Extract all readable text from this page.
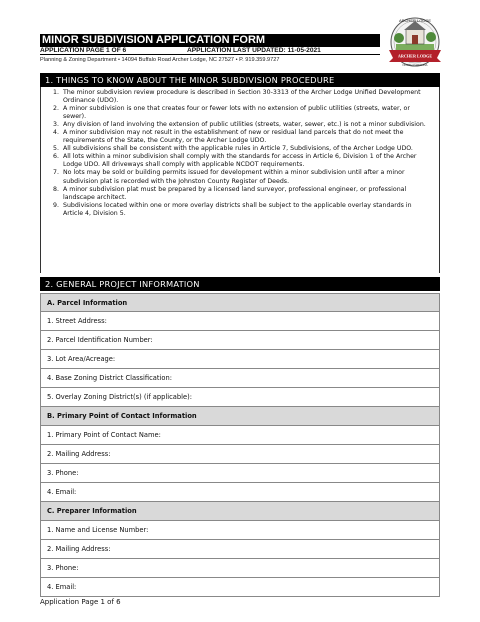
MINOR SUBDIVISION APPLICATION FORM
APPLICATION PAGE 1 OF 6	APPLICATION LAST UPDATED: 11-05-2021
Planning & Zoning Department • 14094 Buffalo Road Archer Lodge, NC 27527 • P. 919.359.9727
ARCHER LODGE
ARCHER LODGE
NORTH CAROLINA
1. THINGS TO KNOW ABOUT THE MINOR SUBDIVISION PROCEDURE
1. The minor subdivision review procedure is described in Section 30-3313 of the Archer Lodge Unified Development Ordinance (UDO).
2. A minor subdivision is one that creates four or fewer lots with no extension of public utilities (streets, water, or sewer).
3. Any division of land involving the extension of public utilities (streets, water, sewer, etc.) is not a minor subdivision.
4. A minor subdivision may not result in the establishment of new or residual land parcels that do not meet the requirements of the State, the County, or the Archer Lodge UDO.
5. All subdivisions shall be consistent with the applicable rules in Article 7, Subdivisions, of the Archer Lodge UDO.
6. All lots within a minor subdivision shall comply with the standards for access in Article 6, Division 1 of the Archer Lodge UDO. All driveways shall comply with applicable NCDOT requirements.
7. No lots may be sold or building permits issued for development within a minor subdivision until after a minor subdivision plat is recorded with the Johnston County Register of Deeds.
8. A minor subdivision plat must be prepared by a licensed land surveyor, professional engineer, or professional landscape architect.
9. Subdivisions located within one or more overlay districts shall be subject to the applicable overlay standards in Article 4, Division 5.
2. GENERAL PROJECT INFORMATION
A. Parcel Information
1. Street Address:
2. Parcel Identification Number:
3. Lot Area/Acreage:
4. Base Zoning District Classification:
5. Overlay Zoning District(s) (if applicable):
B. Primary Point of Contact Information
1. Primary Point of Contact Name:
2. Mailing Address:
3. Phone:
4. Email:
C. Preparer Information
1. Name and License Number:
2. Mailing Address:
3. Phone:
4. Email:
Application Page 1 of 6
